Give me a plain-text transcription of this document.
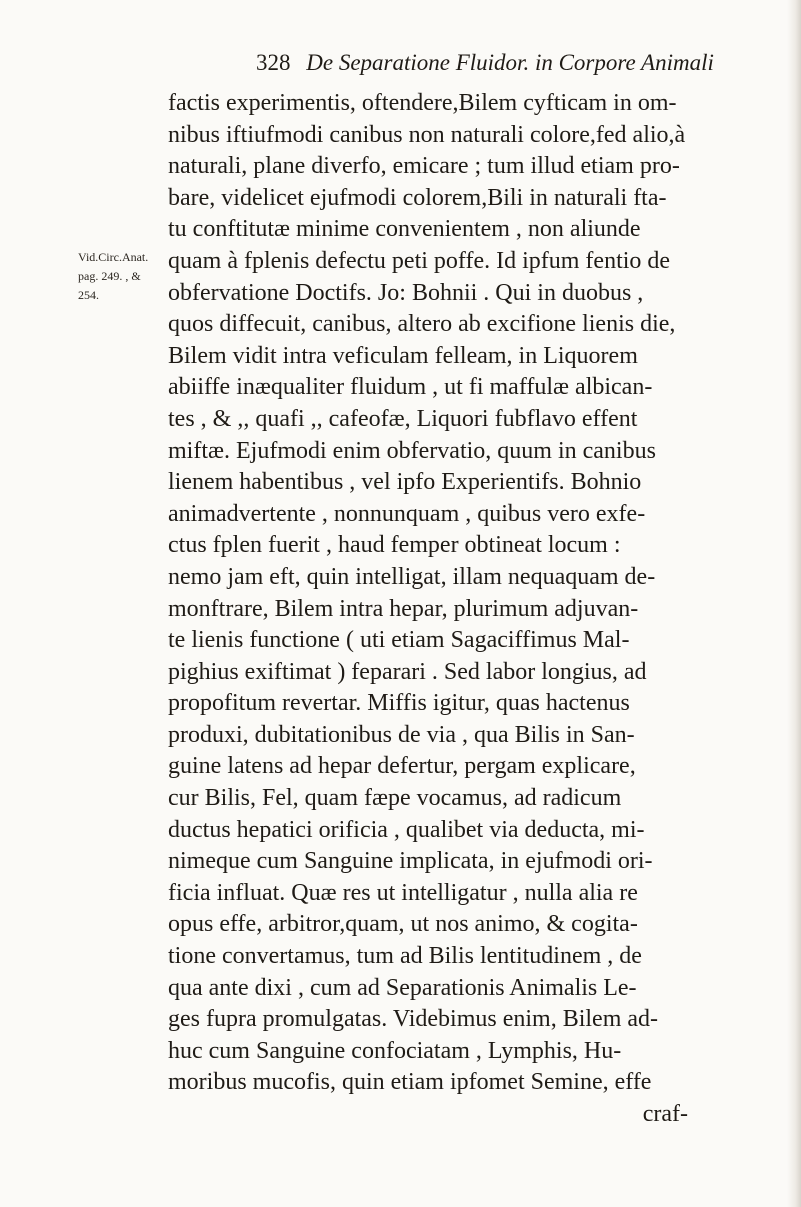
328 De Separatione Fluidor. in Corpore Animali
Vid.Circ.Anat.
pag. 249. , &
254.
factis experimentis, oftendere,Bilem cyfticam in om-
nibus iftiufmodi canibus non naturali colore,fed alio,à
naturali, plane diverfo, emicare ; tum illud etiam pro-
bare, videlicet ejufmodi colorem,Bili in naturali fta-
tu conftitutæ minime convenientem , non aliunde
quam à fplenis defectu peti poffe. Id ipfum fentio de
obfervatione Doctifs. Jo: Bohnii . Qui in duobus ,
quos diffecuit, canibus, altero ab excifione lienis die,
Bilem vidit intra veficulam felleam, in Liquorem
abiiffe inæqualiter fluidum , ut fi maffulæ albican-
tes , & ,, quafi ,, cafeofæ, Liquori fubflavo effent
miftæ. Ejufmodi enim obfervatio, quum in canibus
lienem habentibus , vel ipfo Experientifs. Bohnio
animadvertente , nonnunquam , quibus vero exfe-
ctus fplen fuerit , haud femper obtineat locum :
nemo jam eft, quin intelligat, illam nequaquam de-
monftrare, Bilem intra hepar, plurimum adjuvan-
te lienis functione ( uti etiam Sagaciffimus Mal-
pighius exiftimat ) feparari . Sed labor longius, ad
propofitum revertar. Miffis igitur, quas hactenus
produxi, dubitationibus de via , qua Bilis in San-
guine latens ad hepar defertur, pergam explicare,
cur Bilis, Fel, quam fæpe vocamus, ad radicum
ductus hepatici orificia , qualibet via deducta, mi-
nimeque cum Sanguine implicata, in ejufmodi ori-
ficia influat. Quæ res ut intelligatur , nulla alia re
opus effe, arbitror,quam, ut nos animo, & cogita-
tione convertamus, tum ad Bilis lentitudinem , de
qua ante dixi , cum ad Separationis Animalis Le-
ges fupra promulgatas. Videbimus enim, Bilem ad-
huc cum Sanguine confociatam , Lymphis, Hu-
moribus mucofis, quin etiam ipfomet Semine, effe
craf-
